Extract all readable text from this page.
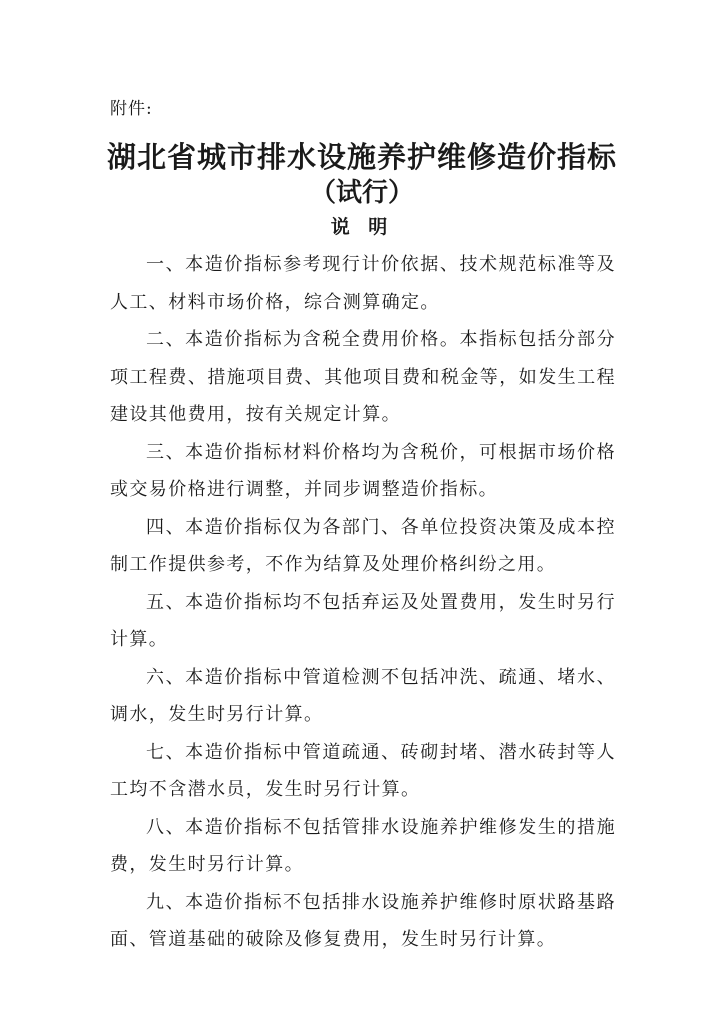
附件:
湖北省城市排水设施养护维修造价指标
（试行）
说 明

一、本造价指标参考现行计价依据、技术规范标准等及人工、材料市场价格，综合测算确定。

二、本造价指标为含税全费用价格。本指标包括分部分项工程费、措施项目费、其他项目费和税金等，如发生工程建设其他费用，按有关规定计算。

三、本造价指标材料价格均为含税价，可根据市场价格或交易价格进行调整，并同步调整造价指标。

四、本造价指标仅为各部门、各单位投资决策及成本控制工作提供参考，不作为结算及处理价格纠纷之用。

五、本造价指标均不包括弃运及处置费用，发生时另行计算。

六、本造价指标中管道检测不包括冲洗、疏通、堵水、调水，发生时另行计算。

七、本造价指标中管道疏通、砖砌封堵、潜水砖封等人工均不含潜水员，发生时另行计算。

八、本造价指标不包括管排水设施养护维修发生的措施费，发生时另行计算。

九、本造价指标不包括排水设施养护维修时原状路基路面、管道基础的破除及修复费用，发生时另行计算。
